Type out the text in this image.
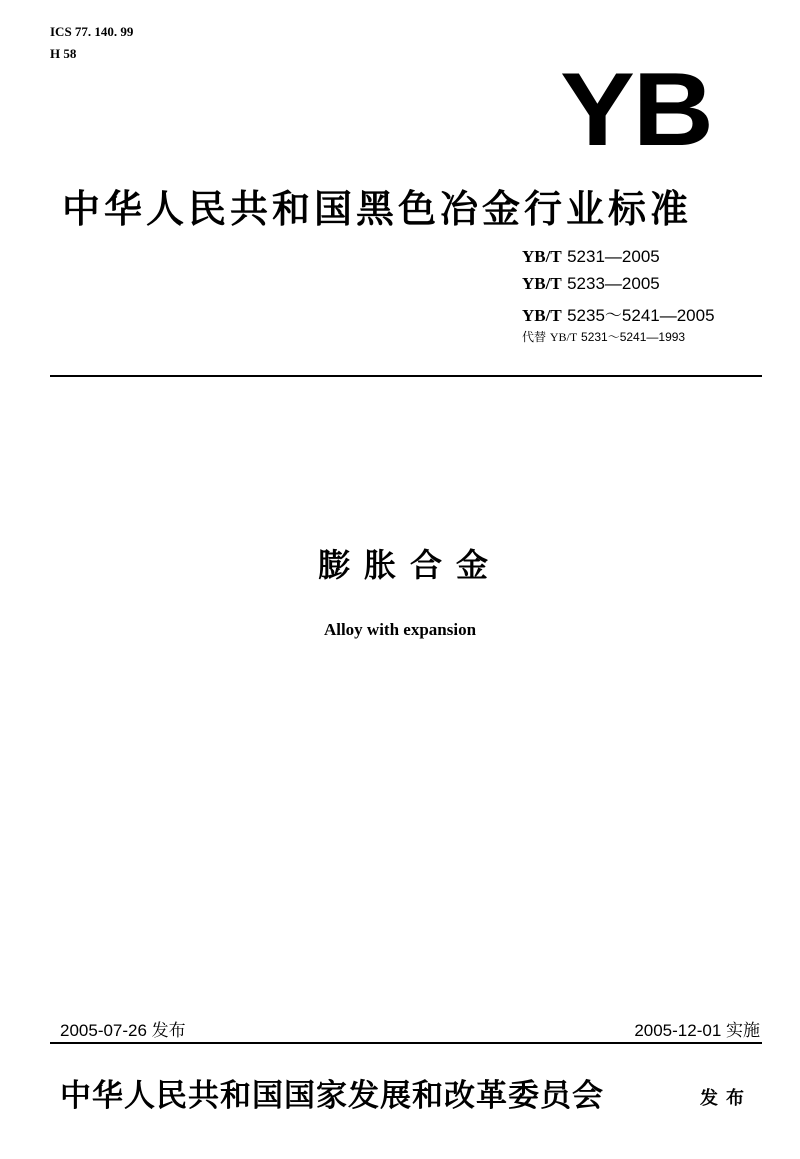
ICS 77. 140. 99
H 58	YB
中华人民共和国黑色冶金行业标准
YB/T 5231—2005
YB/T 5233—2005
YB/T 5235～5241—2005
代替 YB/T 5231～5241—1993
膨胀合金
Alloy with expansion
2005-07-26 发布	2005-12-01 实施
中华人民共和国国家发展和改革委员会	发布
